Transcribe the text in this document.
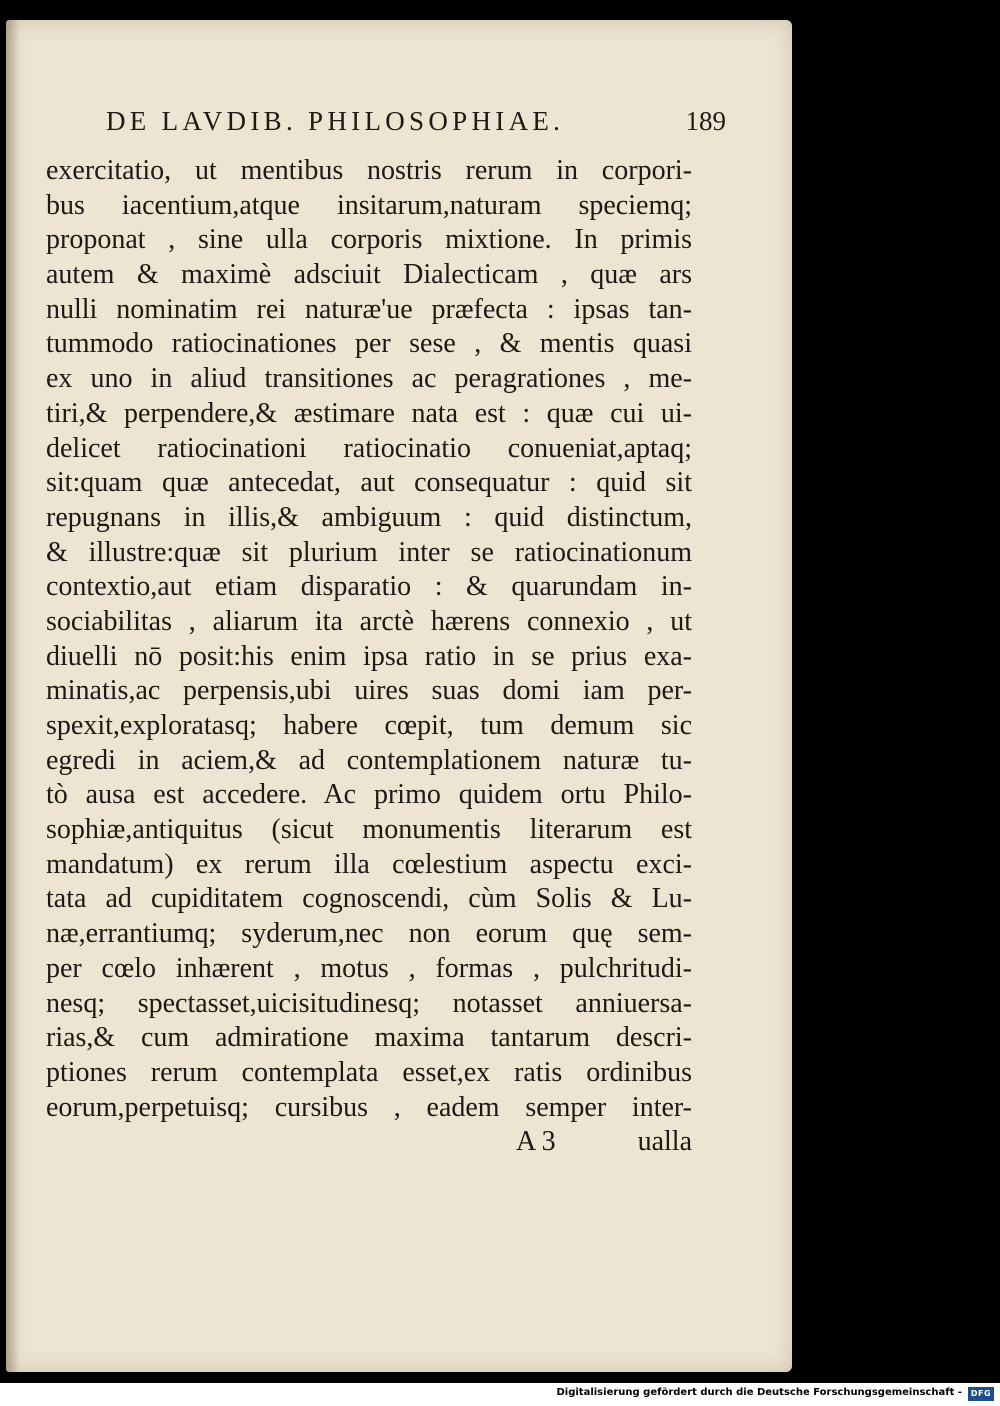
DE LAVDIB. PHILOSOPHIAE.	189
exercitatio, ut mentibus nostris rerum in corpori-
bus iacentium,atque insitarum,naturam speciemq;
proponat , sine ulla corporis mixtione. In primis
autem & maximè adsciuit Dialecticam , quæ ars
nulli nominatim rei naturæ'ue præfecta : ipsas tan-
tummodo ratiocinationes per sese , & mentis quasi
ex uno in aliud transitiones ac peragrationes , me-
tiri,& perpendere,& æstimare nata est : quæ cui ui-
delicet ratiocinationi ratiocinatio conueniat,aptaq;
sit:quam quæ antecedat, aut consequatur : quid sit
repugnans in illis,& ambiguum : quid distinctum,
& illustre:quæ sit plurium inter se ratiocinationum
contextio,aut etiam disparatio : & quarundam in-
sociabilitas , aliarum ita arctè hærens connexio , ut
diuelli nō posit:his enim ipsa ratio in se prius exa-
minatis,ac perpensis,ubi uires suas domi iam per-
spexit,exploratasq; habere cœpit, tum demum sic
egredi in aciem,& ad contemplationem naturæ tu-
tò ausa est accedere. Ac primo quidem ortu Philo-
sophiæ,antiquitus (sicut monumentis literarum est
mandatum) ex rerum illa cœlestium aspectu exci-
tata ad cupiditatem cognoscendi, cùm Solis & Lu-
næ,errantiumq; syderum,nec non eorum quę sem-
per cœlo inhærent , motus , formas , pulchritudi-
nesq; spectasset,uicisitudinesq; notasset anniuersa-
rias,& cum admiratione maxima tantarum descri-
ptiones rerum contemplata esset,ex ratis ordinibus
eorum,perpetuisq; cursibus , eadem semper inter-
A 3	ualla
Digitalisierung gefördert durch die Deutsche Forschungsgemeinschaft -	DFG
